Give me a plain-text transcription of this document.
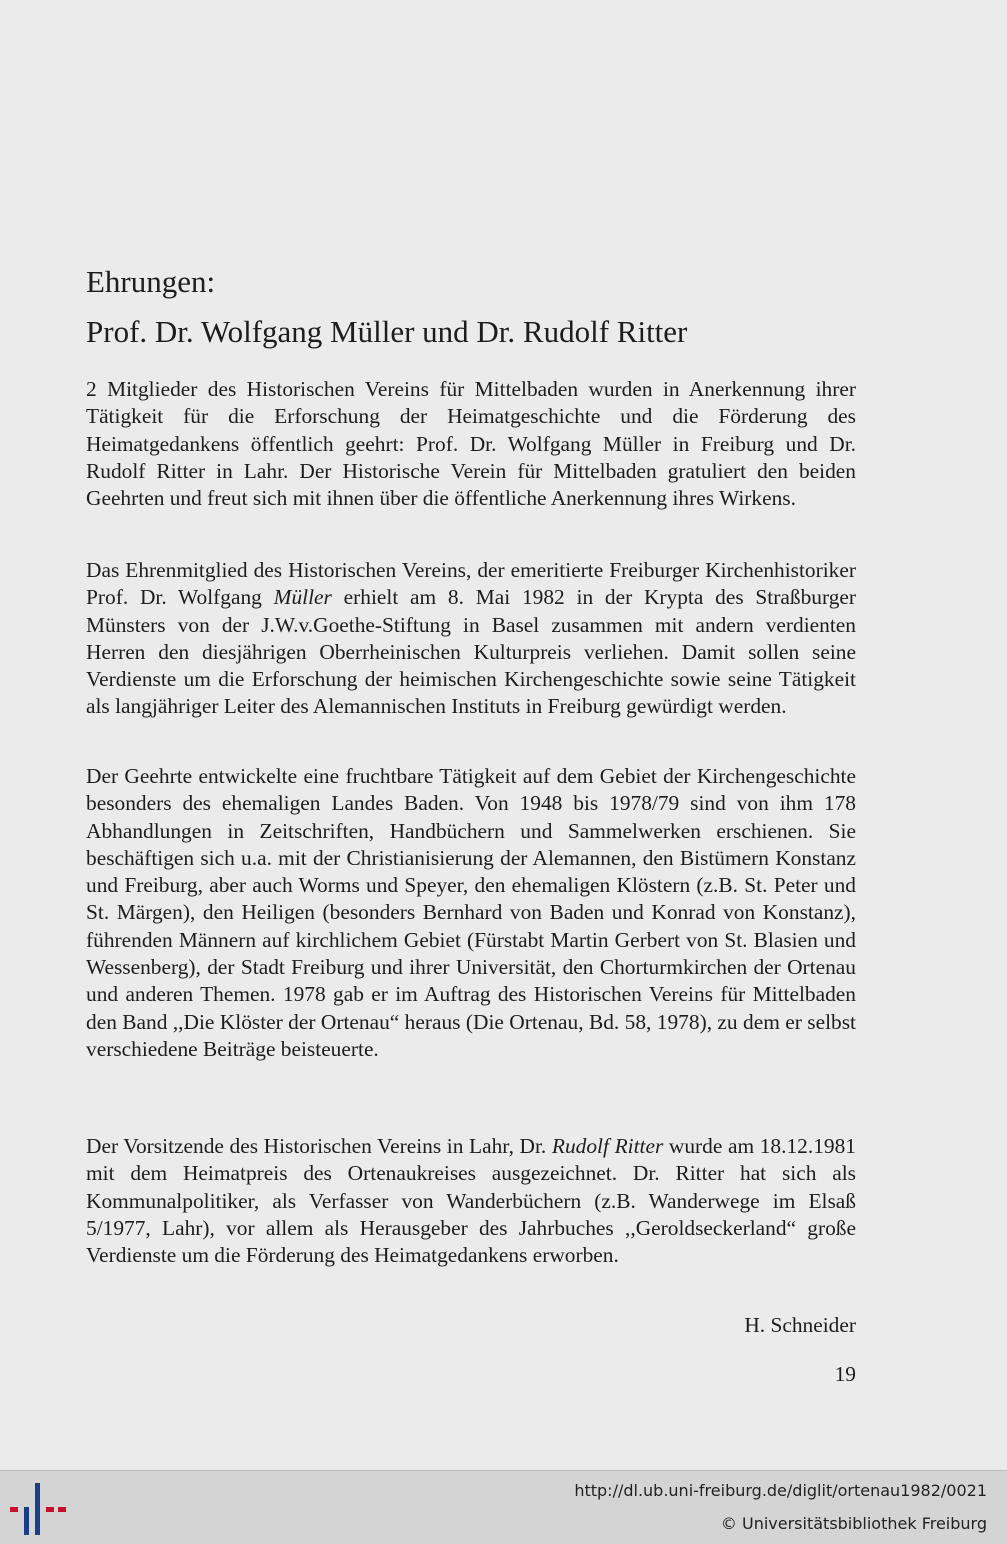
Ehrungen:
Prof. Dr. Wolfgang Müller und Dr. Rudolf Ritter

2 Mitglieder des Historischen Vereins für Mittelbaden wurden in Anerkennung ihrer Tätigkeit für die Erforschung der Heimatgeschichte und die Förderung des Heimatgedankens öffentlich geehrt: Prof. Dr. Wolfgang Müller in Freiburg und Dr. Rudolf Ritter in Lahr. Der Historische Verein für Mittelbaden gratuliert den beiden Geehrten und freut sich mit ihnen über die öffentliche Anerkennung ihres Wirkens.

Das Ehrenmitglied des Historischen Vereins, der emeritierte Freiburger Kirchenhistoriker Prof. Dr. Wolfgang Müller erhielt am 8. Mai 1982 in der Krypta des Straßburger Münsters von der J.W.v.Goethe-Stiftung in Basel zusammen mit andern verdienten Herren den diesjährigen Oberrheinischen Kulturpreis verliehen. Damit sollen seine Verdienste um die Erforschung der heimischen Kirchengeschichte sowie seine Tätigkeit als langjähriger Leiter des Alemannischen Instituts in Freiburg gewürdigt werden.

Der Geehrte entwickelte eine fruchtbare Tätigkeit auf dem Gebiet der Kirchengeschichte besonders des ehemaligen Landes Baden. Von 1948 bis 1978/79 sind von ihm 178 Abhandlungen in Zeitschriften, Handbüchern und Sammelwerken erschienen. Sie beschäftigen sich u.a. mit der Christianisierung der Alemannen, den Bistümern Konstanz und Freiburg, aber auch Worms und Speyer, den ehemaligen Klöstern (z.B. St. Peter und St. Märgen), den Heiligen (besonders Bernhard von Baden und Konrad von Konstanz), führenden Männern auf kirchlichem Gebiet (Fürstabt Martin Gerbert von St. Blasien und Wessenberg), der Stadt Freiburg und ihrer Universität, den Chorturmkirchen der Ortenau und anderen Themen. 1978 gab er im Auftrag des Historischen Vereins für Mittelbaden den Band ,,Die Klöster der Ortenau“ heraus (Die Ortenau, Bd. 58, 1978), zu dem er selbst verschiedene Beiträge beisteuerte.

Der Vorsitzende des Historischen Vereins in Lahr, Dr. Rudolf Ritter wurde am 18.12.1981 mit dem Heimatpreis des Ortenaukreises ausgezeichnet. Dr. Ritter hat sich als Kommunalpolitiker, als Verfasser von Wanderbüchern (z.B. Wanderwege im Elsaß 5/1977, Lahr), vor allem als Herausgeber des Jahrbuches ,,Geroldseckerland“ große Verdienste um die Förderung des Heimatgedankens erworben.

H. Schneider
19
http://dl.ub.uni-freiburg.de/diglit/ortenau1982/0021
© Universitätsbibliothek Freiburg
